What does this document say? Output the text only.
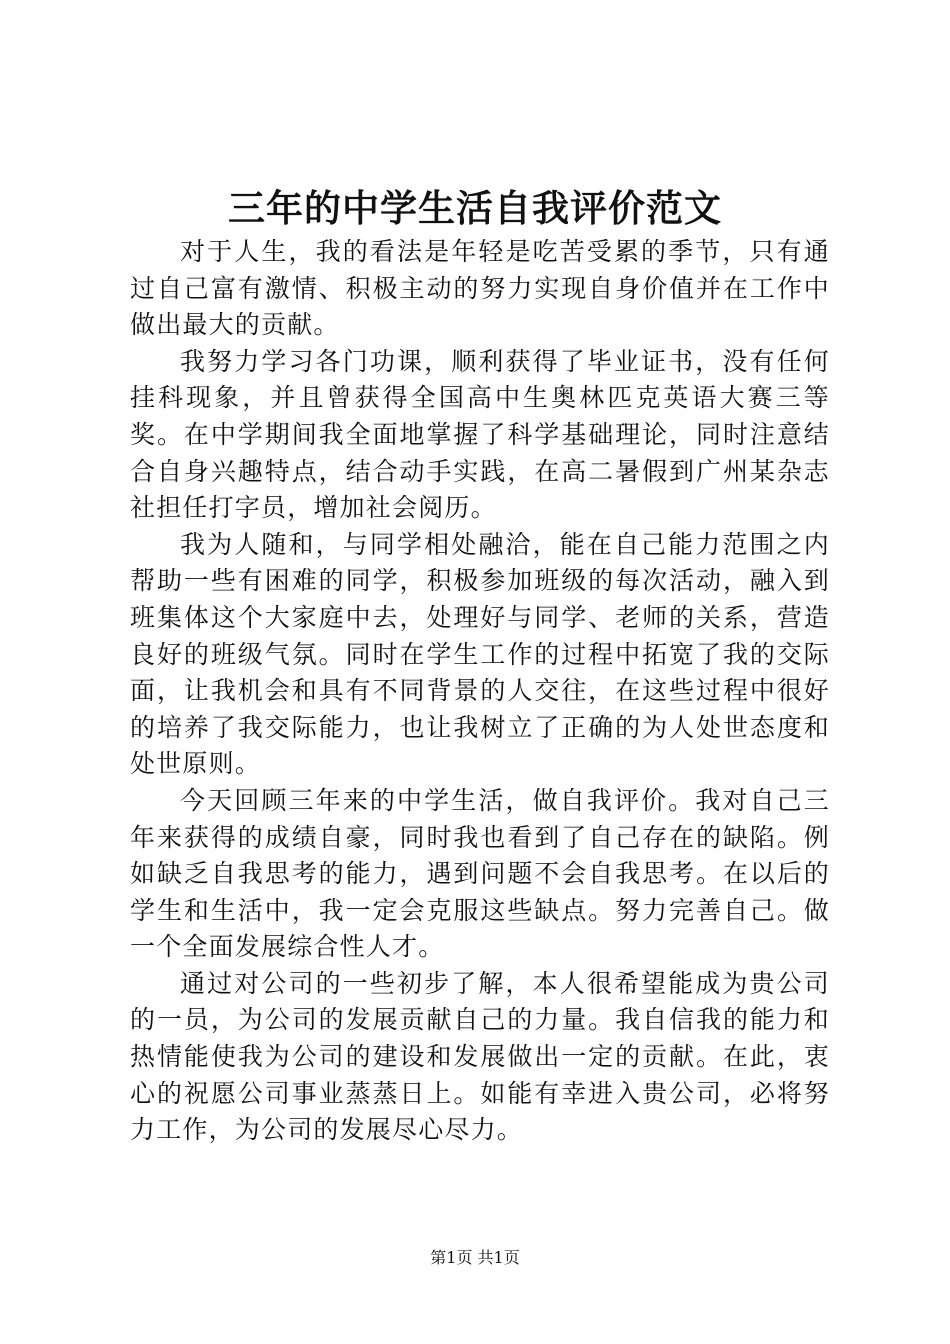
三年的中学生活自我评价范文

对于人生，我的看法是年轻是吃苦受累的季节，只有通过自己富有激情、积极主动的努力实现自身价值并在工作中做出最大的贡献。

我努力学习各门功课，顺利获得了毕业证书，没有任何挂科现象，并且曾获得全国高中生奥林匹克英语大赛三等奖。在中学期间我全面地掌握了科学基础理论，同时注意结合自身兴趣特点，结合动手实践，在高二暑假到广州某杂志社担任打字员，增加社会阅历。

我为人随和，与同学相处融洽，能在自己能力范围之内帮助一些有困难的同学，积极参加班级的每次活动，融入到班集体这个大家庭中去，处理好与同学、老师的关系，营造良好的班级气氛。同时在学生工作的过程中拓宽了我的交际面，让我机会和具有不同背景的人交往，在这些过程中很好的培养了我交际能力，也让我树立了正确的为人处世态度和处世原则。

今天回顾三年来的中学生活，做自我评价。我对自己三年来获得的成绩自豪，同时我也看到了自己存在的缺陷。例如缺乏自我思考的能力，遇到问题不会自我思考。在以后的学生和生活中，我一定会克服这些缺点。努力完善自己。做一个全面发展综合性人才。

通过对公司的一些初步了解，本人很希望能成为贵公司的一员，为公司的发展贡献自己的力量。我自信我的能力和热情能使我为公司的建设和发展做出一定的贡献。在此，衷心的祝愿公司事业蒸蒸日上。如能有幸进入贵公司，必将努力工作，为公司的发展尽心尽力。

第1页 共1页
